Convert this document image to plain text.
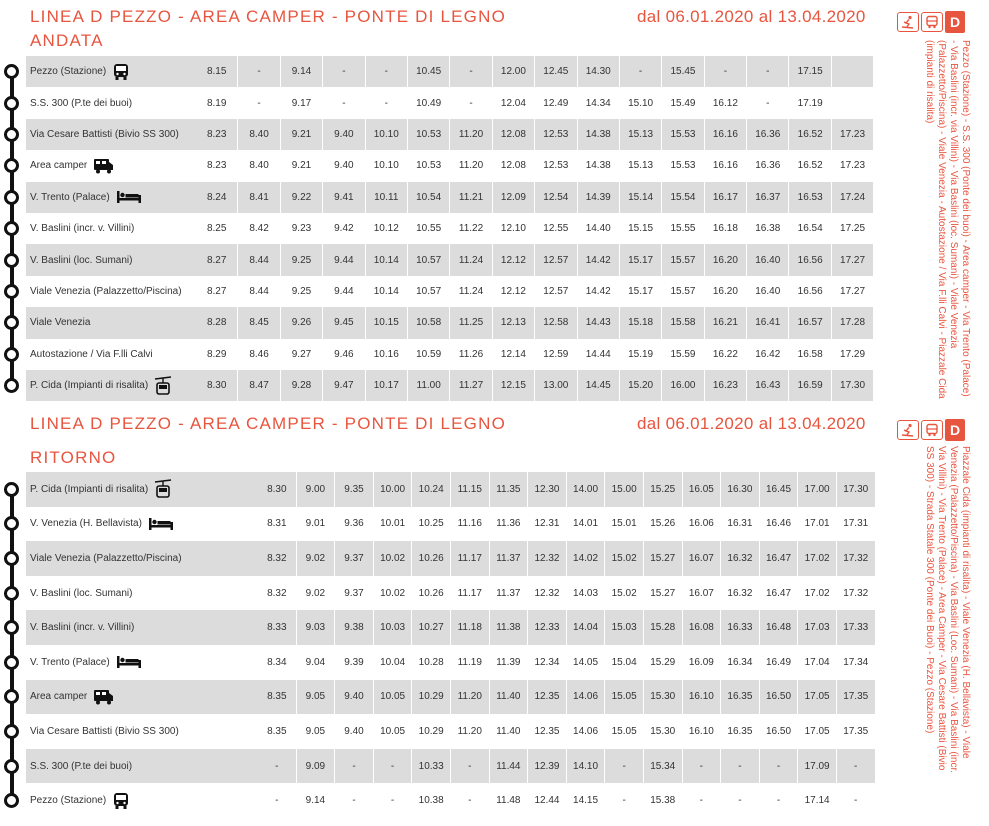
LINEA D PEZZO - AREA CAMPER - PONTE DI LEGNO
ANDATA
dal 06.01.2020 al 13.04.2020	D
Pezzo (Stazione) - S.S. 300 (Ponte dei buoi) - Area camper - Via Trento (Palace) - Via Baslini (incr. via Villini) - Via Baslini (loc. Sumani) - Viale Venezia (Palazzetto/Piscina) - Viale Venezia - Autostazione / Via F.lli Calvi - Piazzale Cida (impianti di risalita)
Pezzo (Stazione)	8.15	-	9.14	-	-	10.45	-	12.00	12.45	14.30	-	15.45	-	-	17.15
S.S. 300 (P.te dei buoi)	8.19	-	9.17	-	-	10.49	-	12.04	12.49	14.34	15.10	15.49	16.12	-	17.19
Via Cesare Battisti (Bivio SS 300)	8.23	8.40	9.21	9.40	10.10	10.53	11.20	12.08	12.53	14.38	15.13	15.53	16.16	16.36	16.52	17.23
Area camper	8.23	8.40	9.21	9.40	10.10	10.53	11.20	12.08	12.53	14.38	15.13	15.53	16.16	16.36	16.52	17.23
V. Trento (Palace)	8.24	8.41	9.22	9.41	10.11	10.54	11.21	12.09	12.54	14.39	15.14	15.54	16.17	16.37	16.53	17.24
V. Baslini (incr. v. Villini)	8.25	8.42	9.23	9.42	10.12	10.55	11.22	12.10	12.55	14.40	15.15	15.55	16.18	16.38	16.54	17.25
V. Baslini (loc. Sumani)	8.27	8.44	9.25	9.44	10.14	10.57	11.24	12.12	12.57	14.42	15.17	15.57	16.20	16.40	16.56	17.27
Viale Venezia (Palazzetto/Piscina)	8.27	8.44	9.25	9.44	10.14	10.57	11.24	12.12	12.57	14.42	15.17	15.57	16.20	16.40	16.56	17.27
Viale Venezia	8.28	8.45	9.26	9.45	10.15	10.58	11.25	12.13	12.58	14.43	15.18	15.58	16.21	16.41	16.57	17.28
Autostazione / Via F.lli Calvi	8.29	8.46	9.27	9.46	10.16	10.59	11.26	12.14	12.59	14.44	15.19	15.59	16.22	16.42	16.58	17.29
P. Cida (Impianti di risalita)	8.30	8.47	9.28	9.47	10.17	11.00	11.27	12.15	13.00	14.45	15.20	16.00	16.23	16.43	16.59	17.30
LINEA D PEZZO - AREA CAMPER - PONTE DI LEGNO
RITORNO
dal 06.01.2020 al 13.04.2020	D
Piazzale Cida (impianti di risalita) - Viale Venezia (H. Bellavista) - Viale Venezia (Palazzetto/Piscina) - Via Baslini (Loc. Sumani) - Via Baslini (incr. Via Villini) - Via Trento (Palace) - Area Camper - Via Cesare Battisti (Bivio SS 300) - Strada Statale 300 (Ponte dei Buoi) - Pezzo (Stazione)
P. Cida (Impianti di risalita)	8.30	9.00	9.35	10.00	10.24	11.15	11.35	12.30	14.00	15.00	15.25	16.05	16.30	16.45	17.00	17.30
V. Venezia (H. Bellavista)	8.31	9.01	9.36	10.01	10.25	11.16	11.36	12.31	14.01	15.01	15.26	16.06	16.31	16.46	17.01	17.31
Viale Venezia (Palazzetto/Piscina)	8.32	9.02	9.37	10.02	10.26	11.17	11.37	12.32	14.02	15.02	15.27	16.07	16.32	16.47	17.02	17.32
V. Baslini (loc. Sumani)	8.32	9.02	9.37	10.02	10.26	11.17	11.37	12.32	14.03	15.02	15.27	16.07	16.32	16.47	17.02	17.32
V. Baslini (incr. v. Villini)	8.33	9.03	9.38	10.03	10.27	11.18	11.38	12.33	14.04	15.03	15.28	16.08	16.33	16.48	17.03	17.33
V. Trento (Palace)	8.34	9.04	9.39	10.04	10.28	11.19	11.39	12.34	14.05	15.04	15.29	16.09	16.34	16.49	17.04	17.34
Area camper	8.35	9.05	9.40	10.05	10.29	11.20	11.40	12.35	14.06	15.05	15.30	16.10	16.35	16.50	17.05	17.35
Via Cesare Battisti (Bivio SS 300)	8.35	9.05	9.40	10.05	10.29	11.20	11.40	12.35	14.06	15.05	15.30	16.10	16.35	16.50	17.05	17.35
S.S. 300 (P.te dei buoi)	-	9.09	-	-	10.33	-	11.44	12.39	14.10	-	15.34	-	-	-	17.09	-
Pezzo (Stazione)	-	9.14	-	-	10.38	-	11.48	12.44	14.15	-	15.38	-	-	-	17.14	-
